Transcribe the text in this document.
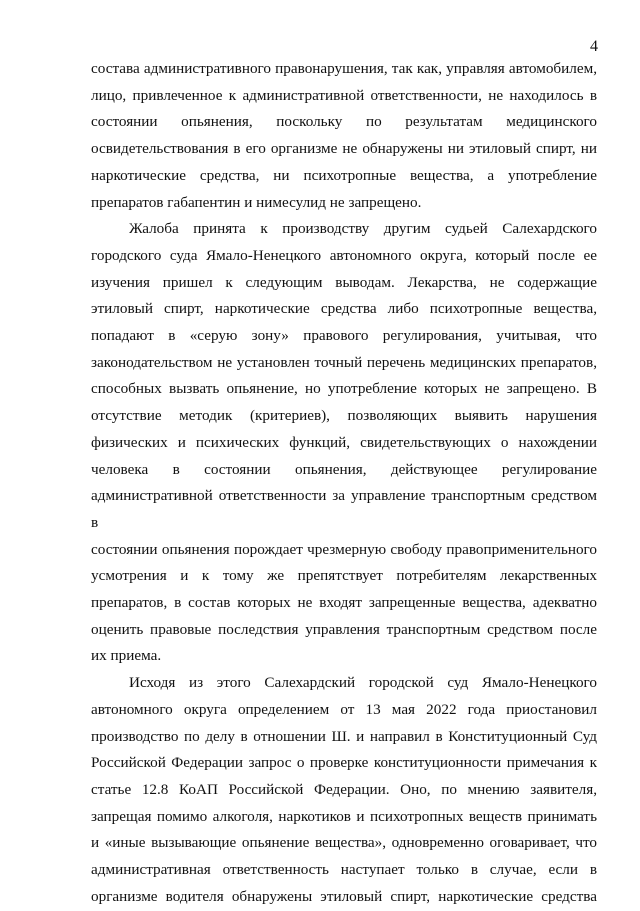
4
состава административного правонарушения, так как, управляя автомобилем,
лицо, привлеченное к административной ответственности, не находилось в
состоянии опьянения, поскольку по результатам медицинского
освидетельствования в его организме не обнаружены ни этиловый спирт, ни
наркотические средства, ни психотропные вещества, а употребление
препаратов габапентин и нимесулид не запрещено.
Жалоба принята к производству другим судьей Салехардского
городского суда Ямало-Ненецкого автономного округа, который после ее
изучения пришел к следующим выводам. Лекарства, не содержащие
этиловый спирт, наркотические средства либо психотропные вещества,
попадают в «серую зону» правового регулирования, учитывая, что
законодательством не установлен точный перечень медицинских препаратов,
способных вызвать опьянение, но употребление которых не запрещено. В
отсутствие методик (критериев), позволяющих выявить нарушения
физических и психических функций, свидетельствующих о нахождении
человека в состоянии опьянения, действующее регулирование
административной ответственности за управление транспортным средством в
состоянии опьянения порождает чрезмерную свободу правоприменительного
усмотрения и к тому же препятствует потребителям лекарственных
препаратов, в состав которых не входят запрещенные вещества, адекватно
оценить правовые последствия управления транспортным средством после
их приема.
Исходя из этого Салехардский городской суд Ямало-Ненецкого
автономного округа определением от 13 мая 2022 года приостановил
производство по делу в отношении Ш. и направил в Конституционный Суд
Российской Федерации запрос о проверке конституционности примечания к
статье 12.8 КоАП Российской Федерации. Оно, по мнению заявителя,
запрещая помимо алкоголя, наркотиков и психотропных веществ принимать
и «иные вызывающие опьянение вещества», одновременно оговаривает, что
административная ответственность наступает только в случае, если в
организме водителя обнаружены этиловый спирт, наркотические средства
